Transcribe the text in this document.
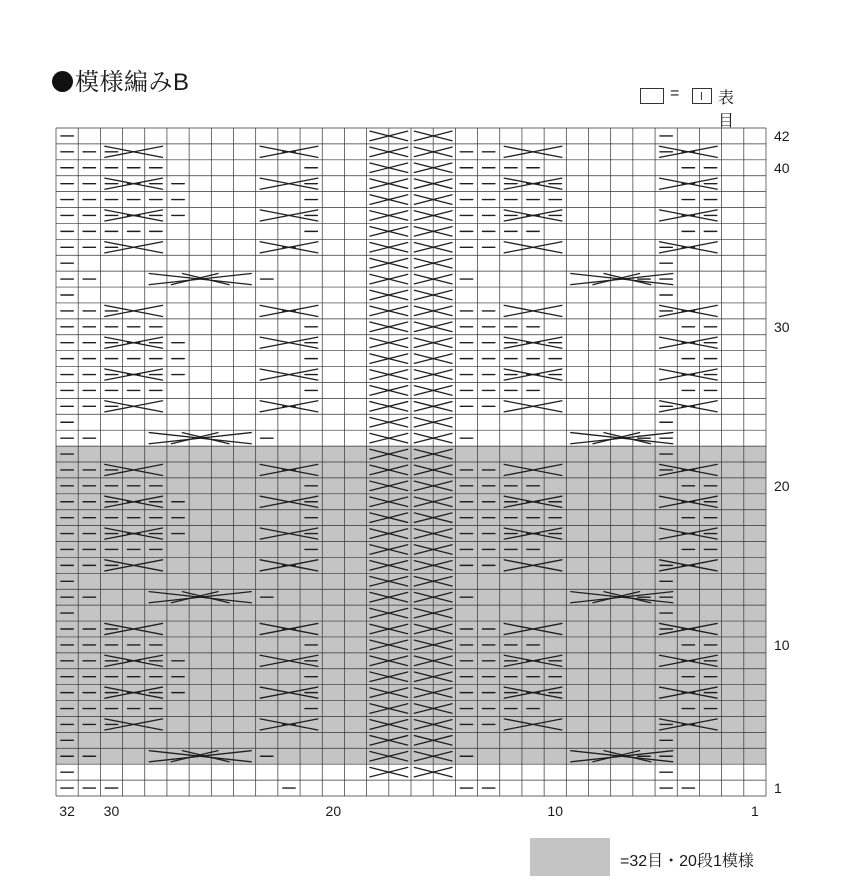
模様編みB	= 表目
42
40
30
20
10
1
32 30	20	10	1
=32目・20段1模様
